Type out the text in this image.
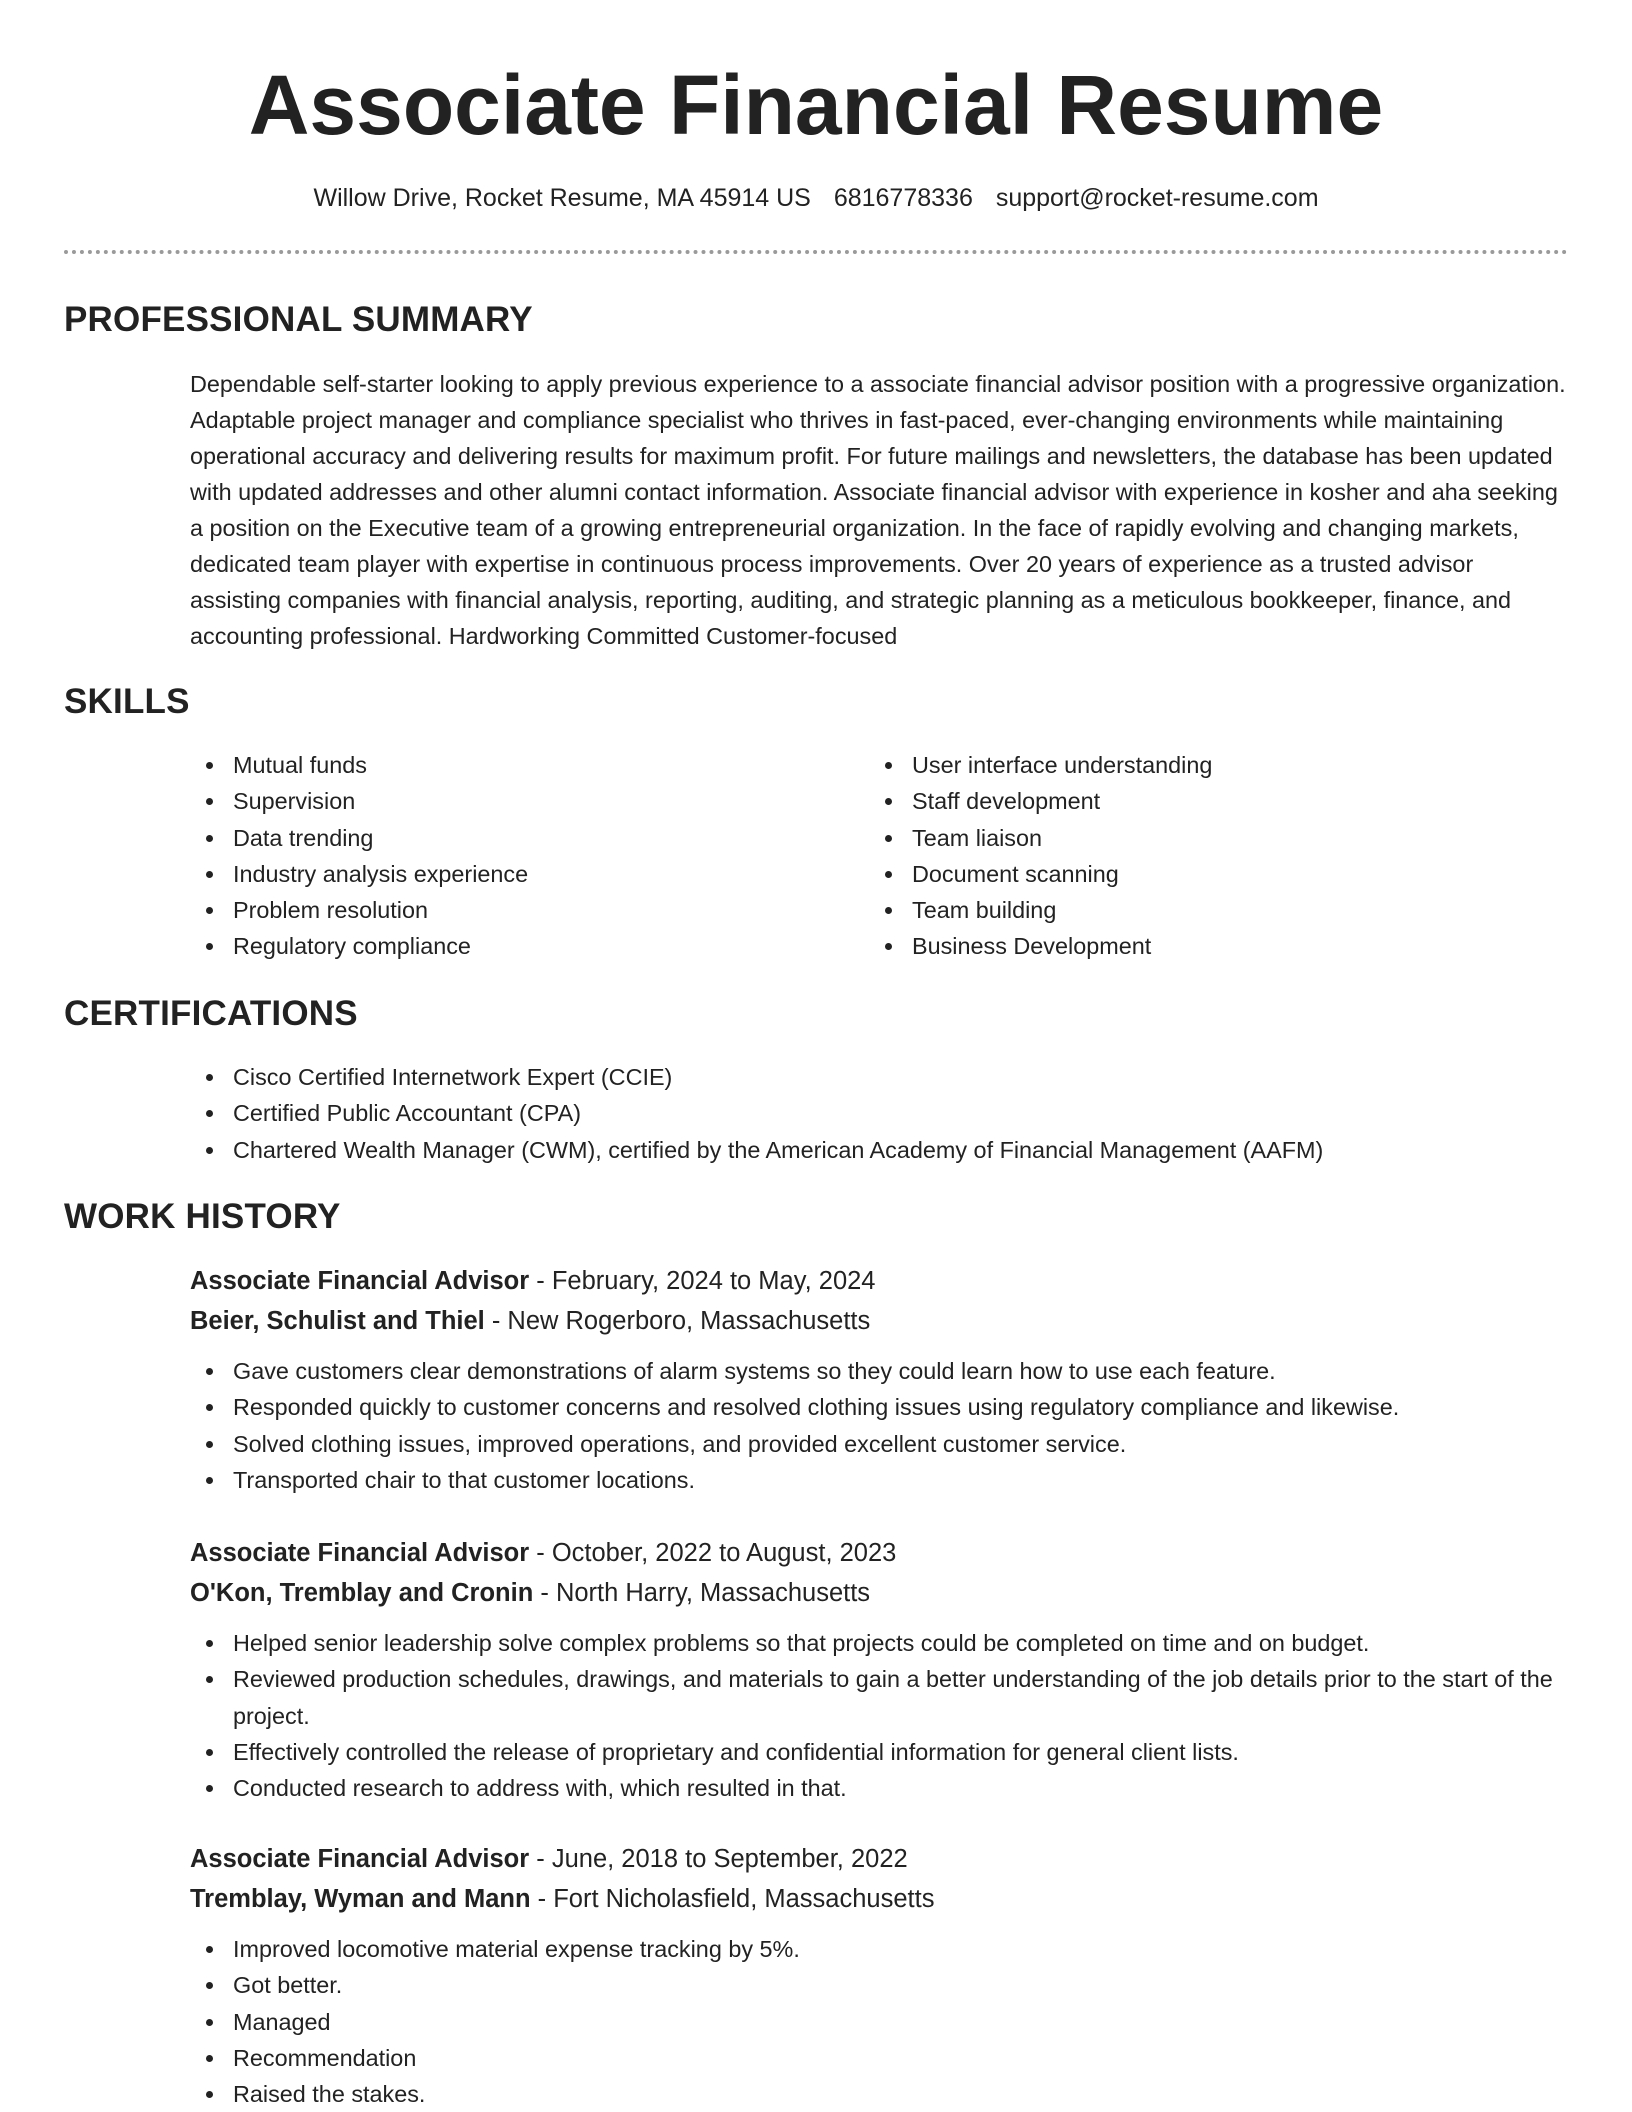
Associate Financial Resume
Willow Drive, Rocket Resume, MA 45914 US 6816778336 support@rocket-resume.com
PROFESSIONAL SUMMARY

Dependable self-starter looking to apply previous experience to a associate financial advisor position with a progressive organization. Adaptable project manager and compliance specialist who thrives in fast-paced, ever-changing environments while maintaining operational accuracy and delivering results for maximum profit. For future mailings and newsletters, the database has been updated with updated addresses and other alumni contact information. Associate financial advisor with experience in kosher and aha seeking a position on the Executive team of a growing entrepreneurial organization. In the face of rapidly evolving and changing markets, dedicated team player with expertise in continuous process improvements. Over 20 years of experience as a trusted advisor assisting companies with financial analysis, reporting, auditing, and strategic planning as a meticulous bookkeeper, finance, and accounting professional. Hardworking Committed Customer-focused

SKILLS
Mutual funds
Supervision
Data trending
Industry analysis experience
Problem resolution
Regulatory compliance
User interface understanding
Staff development
Team liaison
Document scanning
Team building
Business Development
CERTIFICATIONS
Cisco Certified Internetwork Expert (CCIE)
Certified Public Accountant (CPA)
Chartered Wealth Manager (CWM), certified by the American Academy of Financial Management (AAFM)
WORK HISTORY
Associate Financial Advisor - February, 2024 to May, 2024
Beier, Schulist and Thiel - New Rogerboro, Massachusetts
Gave customers clear demonstrations of alarm systems so they could learn how to use each feature.
Responded quickly to customer concerns and resolved clothing issues using regulatory compliance and likewise.
Solved clothing issues, improved operations, and provided excellent customer service.
Transported chair to that customer locations.
Associate Financial Advisor - October, 2022 to August, 2023
O'Kon, Tremblay and Cronin - North Harry, Massachusetts
Helped senior leadership solve complex problems so that projects could be completed on time and on budget.
Reviewed production schedules, drawings, and materials to gain a better understanding of the job details prior to the start of the project.
Effectively controlled the release of proprietary and confidential information for general client lists.
Conducted research to address with, which resulted in that.
Associate Financial Advisor - June, 2018 to September, 2022
Tremblay, Wyman and Mann - Fort Nicholasfield, Massachusetts
Improved locomotive material expense tracking by 5%.
Got better.
Managed
Recommendation
Raised the stakes.
